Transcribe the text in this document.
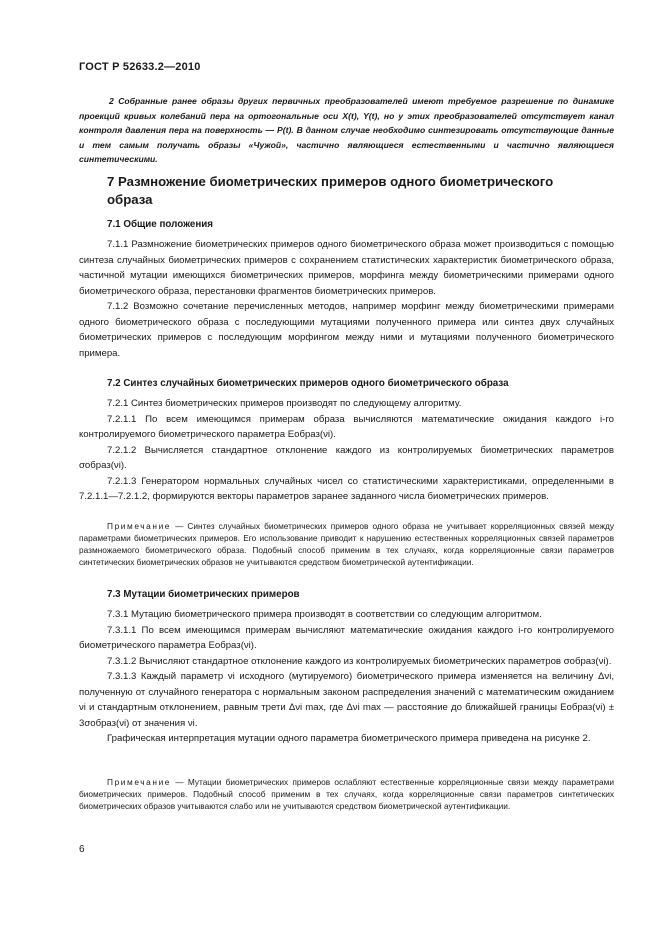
ГОСТ Р 52633.2—2010

2 Собранные ранее образы других первичных преобразователей имеют требуемое разрешение по динамике проекций кривых колебаний пера на ортогональные оси X(t), Y(t), но у этих преобразователей отсутствует канал контроля давления пера на поверхность — P(t). В данном случае необходимо синтезировать отсутствующие данные и тем самым получать образы «Чужой», частично являющиеся естественными и частично являющиеся синтетическими.

7 Размножение биометрических примеров одного биометрического образа
7.1 Общие положения

7.1.1 Размножение биометрических примеров одного биометрического образа может производиться с помощью синтеза случайных биометрических примеров с сохранением статистических характеристик биометрического образа, частичной мутации имеющихся биометрических примеров, морфинга между биометрическими примерами одного биометрического образа, перестановки фрагментов биометрических примеров.

7.1.2 Возможно сочетание перечисленных методов, например морфинг между биометрическими примерами одного биометрического образа с последующими мутациями полученного примера или синтез двух случайных биометрических примеров с последующим морфингом между ними и мутациями полученного биометрического примера.

7.2 Синтез случайных биометрических примеров одного биометрического образа

7.2.1 Синтез биометрических примеров производят по следующему алгоритму.

7.2.1.1 По всем имеющимся примерам образа вычисляются математические ожидания каждого i-го контролируемого биометрического параметра Eобраз(νi).

7.2.1.2 Вычисляется стандартное отклонение каждого из контролируемых биометрических параметров σобраз(νi).

7.2.1.3 Генератором нормальных случайных чисел со статистическими характеристиками, определенными в 7.2.1.1—7.2.1.2, формируются векторы параметров заранее заданного числа биометрических примеров.

Примечание — Синтез случайных биометрических примеров одного образа не учитывает корреляционных связей между параметрами биометрических примеров. Его использование приводит к нарушению естественных корреляционных связей параметров размножаемого биометрического образа. Подобный способ применим в тех случаях, когда корреляционные связи параметров синтетических биометрических образов не учитываются средством биометрической аутентификации.

7.3 Мутации биометрических примеров

7.3.1 Мутацию биометрического примера производят в соответствии со следующим алгоритмом.

7.3.1.1 По всем имеющимся примерам вычисляют математические ожидания каждого i-го контролируемого биометрического параметра Eобраз(νi).

7.3.1.2 Вычисляют стандартное отклонение каждого из контролируемых биометрических параметров σобраз(νi).

7.3.1.3 Каждый параметр νi исходного (мутируемого) биометрического примера изменяется на величину Δνi, полученную от случайного генератора с нормальным законом распределения значений с математическим ожиданием νi и стандартным отклонением, равным трети Δνi max, где Δνi max — расстояние до ближайшей границы Eобраз(νi) ± 3σобраз(νi) от значения νi.

Графическая интерпретация мутации одного параметра биометрического примера приведена на рисунке 2.

Примечание — Мутации биометрических примеров ослабляют естественные корреляционные связи между параметрами биометрических примеров. Подобный способ применим в тех случаях, когда корреляционные связи параметров синтетических биометрических образов учитываются слабо или не учитываются средством биометрической аутентификации.

6
